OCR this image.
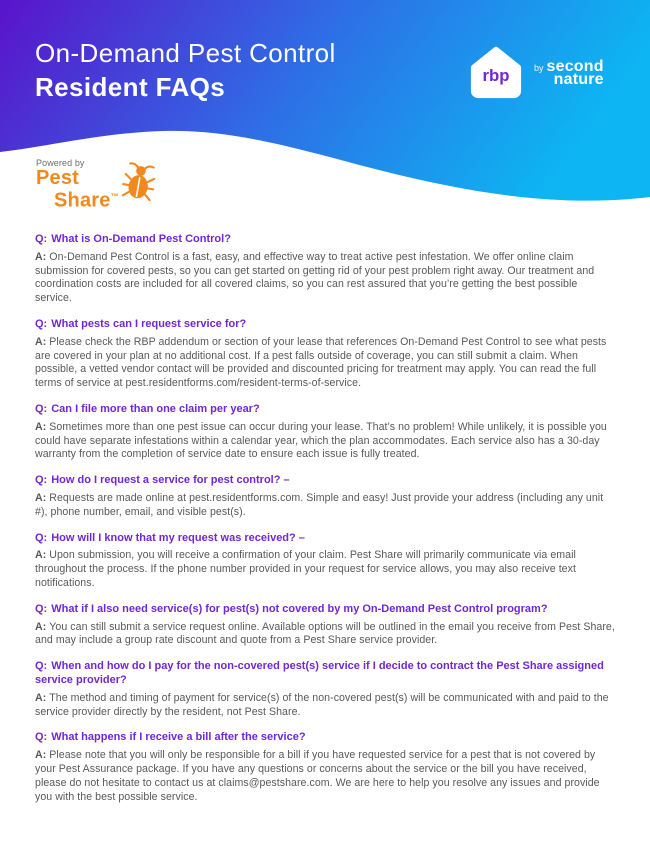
On-Demand Pest Control
Resident FAQs	rbp	by second
nature
Powered by
Pest
Share™
Q: What is On-Demand Pest Control?

A: On-Demand Pest Control is a fast, easy, and effective way to treat active pest infestation. We offer online claim submission for covered pests, so you can get started on getting rid of your pest problem right away. Our treatment and coordination costs are included for all covered claims, so you can rest assured that you’re getting the best possible service.

Q: What pests can I request service for?

A: Please check the RBP addendum or section of your lease that references On-Demand Pest Control to see what pests are covered in your plan at no additional cost. If a pest falls outside of coverage, you can still submit a claim. When possible, a vetted vendor contact will be provided and discounted pricing for treatment may apply. You can read the full terms of service at pest.residentforms.com/resident-terms-of-service.

Q: Can I file more than one claim per year?

A: Sometimes more than one pest issue can occur during your lease. That’s no problem! While unlikely, it is possible you could have separate infestations within a calendar year, which the plan accommodates. Each service also has a 30-day warranty from the completion of service date to ensure each issue is fully treated.

Q: How do I request a service for pest control? –

A: Requests are made online at pest.residentforms.com. Simple and easy! Just provide your address (including any unit #), phone number, email, and visible pest(s).

Q: How will I know that my request was received? –

A: Upon submission, you will receive a confirmation of your claim. Pest Share will primarily communicate via email throughout the process. If the phone number provided in your request for service allows, you may also receive text notifications.

Q: What if I also need service(s) for pest(s) not covered by my On-Demand Pest Control program?

A: You can still submit a service request online. Available options will be outlined in the email you receive from Pest Share, and may include a group rate discount and quote from a Pest Share service provider.

Q: When and how do I pay for the non-covered pest(s) service if I decide to contract the Pest Share assigned service provider?

A: The method and timing of payment for service(s) of the non-covered pest(s) will be communicated with and paid to the service provider directly by the resident, not Pest Share.

Q: What happens if I receive a bill after the service?

A: Please note that you will only be responsible for a bill if you have requested service for a pest that is not covered by your Pest Assurance package. If you have any questions or concerns about the service or the bill you have received, please do not hesitate to contact us at claims@pestshare.com. We are here to help you resolve any issues and provide you with the best possible service.
